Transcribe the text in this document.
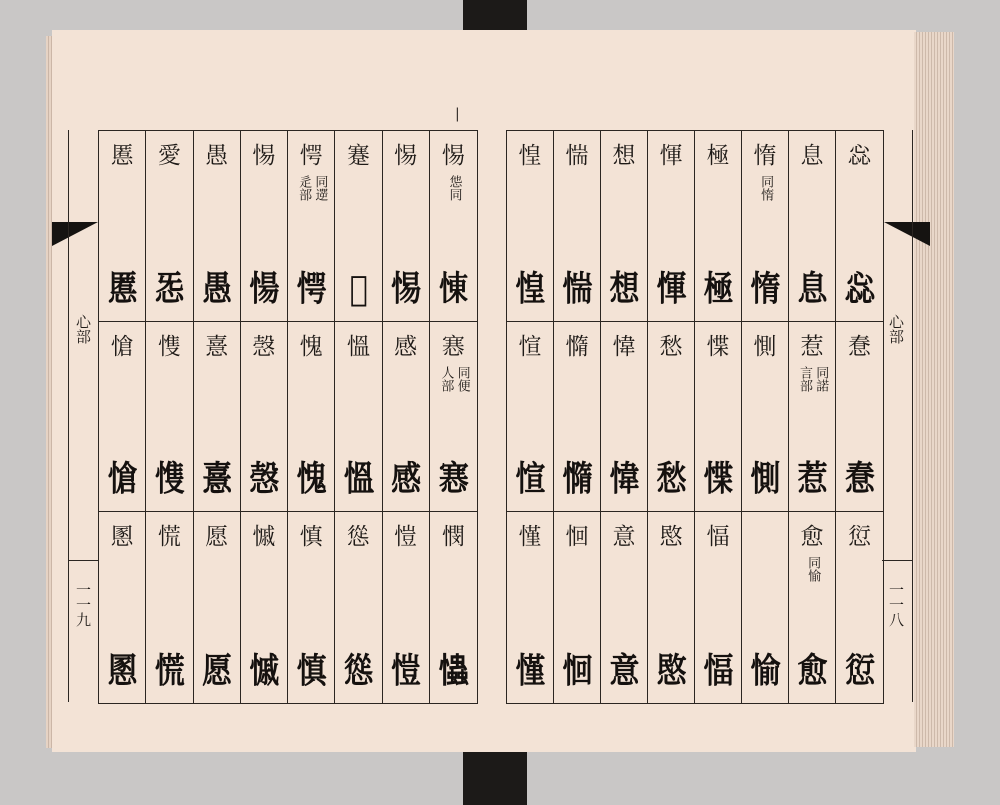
|
心部
一一九
心部
一一八
慝
慝
愛
㤅
愚
愚
惕
愓
愕
同遻
辵部
愕
蹇
𢡬
惕
惕
惕
怹同
𢛔
愴
愴
愯
愯
憙
憙
愨
愨
愧
愧
慍
慍
感
感
㥶
同便
人部
㥶
慁
慁
慌
慌
愿
愿
慽
慽
慎
慎
慫
慫
愷
愷
憫
𢥞
惶
惶
惴
惴
想
想
惲
惲
極
極
惰
同惰
惰
息
息
惢
惢
愃
愃
憜
憜
愇
愇
愁
愁
惵
惵
惻
惻
惹
同諾
言部
惹
惷
惷
慬
慬
恛
恛
意
意
愍
愍
愊
愊 愉
愈
同愉
愈
愆
愆
